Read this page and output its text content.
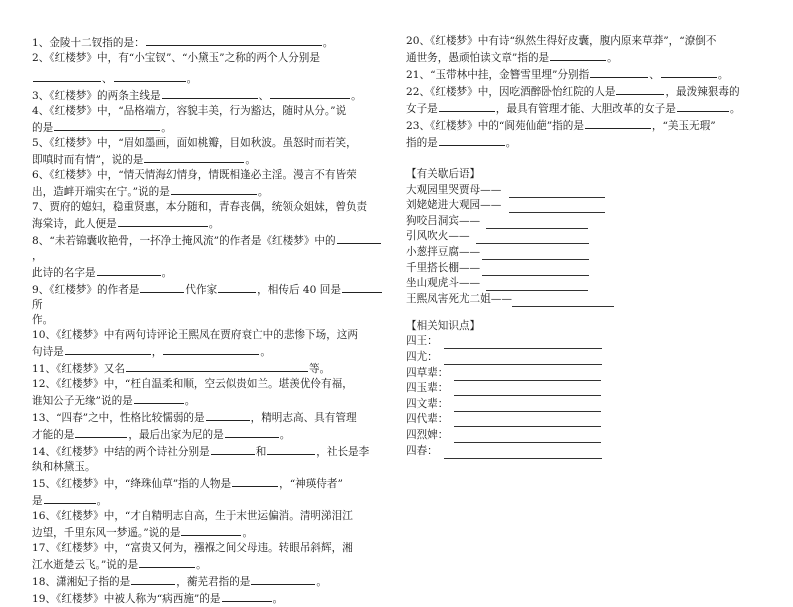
1、金陵十二钗指的是：	。

2、《红楼梦》中，有“小宝钗”、“小黛玉”之称的两个人分别是

、	。

3、《红楼梦》的两条主线是	、	。

4、《红楼梦》中，“品格端方，容貌丰美，行为豁达，随时从分。”说
的是	。

5、《红楼梦》中，“眉如墨画，面如桃瓣，目如秋波。虽怒时而若笑，
即嗔时而有情”，说的是	。

6、《红楼梦》中，“情天情海幻情身，情既相逢必主淫。漫言不有皆荣
出，造衅开端实在宁。”说的是	。

7、贾府的媳妇，稳重贤惠，本分随和，青春丧偶，统领众姐妹，曾负责
海棠诗，此人便是	。

8、“未若锦囊收艳骨，一抔净土掩风流”的作者是《红楼梦》中的，
此诗的名字是	。

9、《红楼梦》的作者是	代作家	，相传后 40 回是所
作。

10、《红楼梦》中有两句诗评论王熙凤在贾府衰亡中的悲惨下场，这两
句诗是	，	。

11、《红楼梦》又名	等。

12、《红楼梦》中，“枉自温柔和顺，空云似贵如兰。堪羡优伶有福，
谁知公子无缘”说的是	。

13、“四春”之中，性格比较懦弱的是	，精明志高、具有管理
才能的是	，最后出家为尼的是	。

14、《红楼梦》中结的两个诗社分别是	和	，社长是李
纨和林黛玉。

15、《红楼梦》中，“绛珠仙草”指的人物是	，“神瑛侍者”
是	。

16、《红楼梦》中，“才自精明志自高，生于末世运偏消。清明涕泪江
边望，千里东风一梦遥。”说的是	。

17、《红楼梦》中，“富贵又何为，襁褓之间父母违。转眼吊斜辉，湘
江水逝楚云飞。”说的是	。

18、潇湘妃子指的是	，蘅芜君指的是	。

19、《红楼梦》中被人称为“病西施”的是	。

20、《红楼梦》中有诗“纵然生得好皮囊，腹内原来草莽”，“潦倒不
通世务，愚顽怕读文章”指的是	。

21、“玉带林中挂，金簪雪里埋”分别指	、	。

22、《红楼梦》中，因吃酒醉卧怡红院的人是	，最泼辣狠毒的
女子是	，最具有管理才能、大胆改革的女子是	。

23、《红楼梦》中的“阆苑仙葩”指的是	，“美玉无瑕”
指的是	。

【有关歇后语】
大观园里哭贾母——
刘姥姥进大观园——
狗咬吕洞宾——
引风吹火——
小葱拌豆腐——
千里搭长棚——
坐山观虎斗——
王熙凤害死尤二姐——
【相关知识点】
四王：
四尤：
四草辈：
四玉辈：
四文辈：
四代辈：
四烈婢：
四春：
